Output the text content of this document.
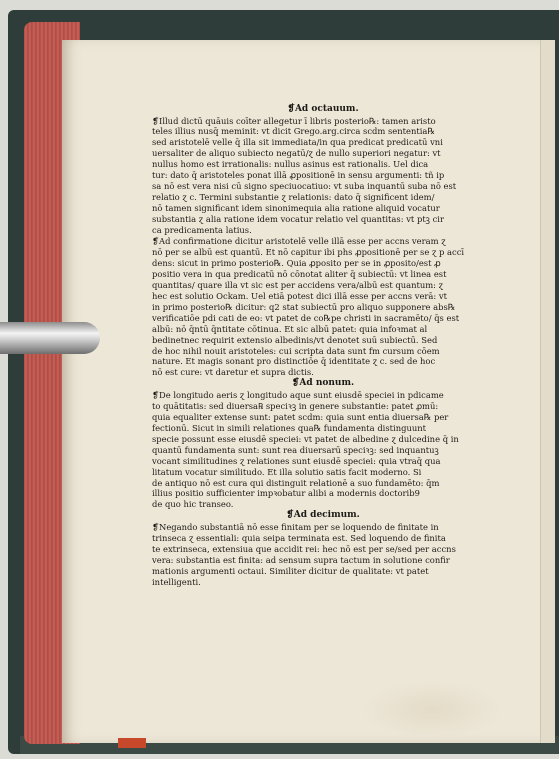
❡Ad octauum.
❡Illud dictū quāuis coīter allegetur ī libris posterio℞: tamen aristo
teles illius nusq̄ meminit: vt dicit Grego.arg.circa scdm sententia℞
sed aristotelē velle q̄ illa sit immediata/in qua predicat predicatū vni
uersaliter de aliquo subiecto negatū/ɀ de nullo superiori negatur: vt
nullus homo est irrationalis: nullus asinus est rationalis. Uel dica
tur: dato q̄ aristoteles ponat illā ꝓpositionē in sensu argumenti: tñ ip
sa nō est vera nisi cū signo speciuocatiuo: vt suba inquantū suba nō est
relatio ɀ c. Termini substantie ɀ relationis: dato q̄ significent idem/
nō tamen significant idem sinonimequia alia ratione aliquid vocatur
substantia ɀ alia ratione idem vocatur relatio vel quantitas: vt ptꝫ cir
ca predicamenta latius.
❡Ad confirmatione dicitur aristotelē velle illā esse per accns veram ɀ
nō per se albū est quantū. Et nō capitur ibi phs ꝓpositionē per se ɀ p accī
dens: sicut in primo posterio℞. Quia ꝓposito per se in ꝓposito/est ꝓ
positio vera in qua predicatū nō cōnotat aliter q̄ subiectū: vt linea est
quantitas/ quare illa vt sic est per accidens vera/albū est quantum: ɀ
hec est solutio Ockam. Uel etiā potest dici illā esse per accns verā: vt
in primo posterio℞ dicitur: q2 stat subiectū pro aliquo supponere abs℞
verificatiōe pdi cati de eo: vt patet de co℞pe christi in sacramēto/ q̄s est
albū: nō q̄ntū q̄ntitate cōtinua. Et sic albū patet: quia infoꝛmat al
bedinetnec requirit extensio albedinis/vt denotet suū subiectū. Sed
de hoc nihil nouit aristoteles: cui scripta data sunt fm cursum cōem
nature. Et magis sonant pro distinctiōe q̄ identitate ɀ c. sed de hoc
nō est cure: vt daretur et supra dictis.
❡Ad nonum.
❡De longitudo aeris ɀ longitudo aque sunt eiusdē speciei in pdicame
to quātitatis: sed diuersa℞ speciꝛꝫ in genere substantie: patet ꝓmū:
quia equaliter extense sunt: patet scdm: quia sunt entia diuersa℞ per
fectionū. Sicut in simili relationes qua℞ fundamenta distinguunt
specie possunt esse eiusdē speciei: vt patet de albedine ɀ dulcedine q̄ in
quantū fundamenta sunt: sunt rea diuersarū speciꝛꝫ: sed inquantuꝫ
vocant similitudines ɀ relationes sunt eiusdē speciei: quia vtraq̄ qua
litatum vocatur similitudo. Et illa solutio satis facit moderno. Si
de antiquo nō est cura qui distinguit relationē a suo fundamēto: q̄m
illius positio sufficienter impꝛobatur alibi a modernis doctorib9
de quo hic transeo.
❡Ad decimum.
❡Negando substantiā nō esse finitam per se loquendo de finitate in
trinseca ɀ essentiali: quia seipa terminata est. Sed loquendo de finita
te extrinseca, extensiua que accidit rei: hec nō est per se/sed per accns
vera: substantia est finita: ad sensum supra tactum in solutione confir
mationis argumenti octaui. Similiter dicitur de qualitate: vt patet
intelligenti.
